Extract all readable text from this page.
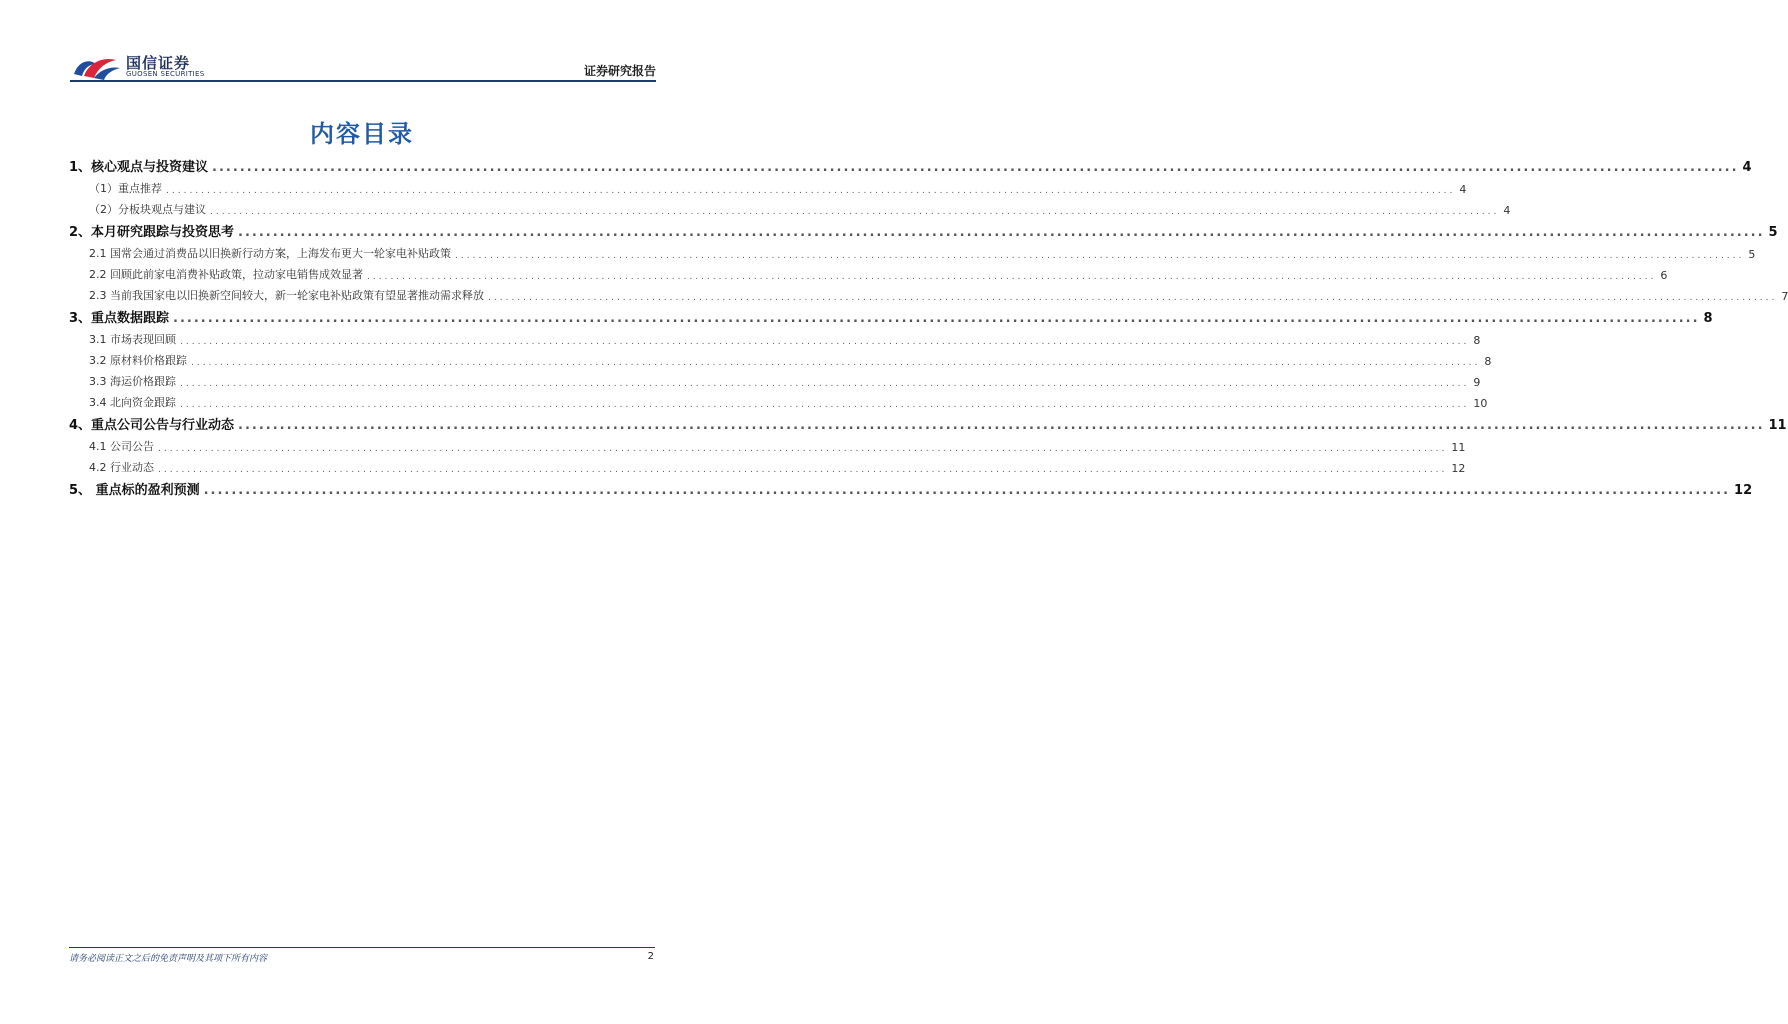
国信证券
GUOSEN SECURITIES	证券研究报告
内容目录
1、核心观点与投资建议 ............................................................................................................................................................................................................................ 4
（1）重点推荐 ............................................................................................................................................................................................................................ 4
（2）分板块观点与建议 ............................................................................................................................................................................................................................ 4
2、本月研究跟踪与投资思考 ............................................................................................................................................................................................................................ 5
2.1 国常会通过消费品以旧换新行动方案，上海发布更大一轮家电补贴政策 ............................................................................................................................................................................................................................ 5
2.2 回顾此前家电消费补贴政策，拉动家电销售成效显著 ............................................................................................................................................................................................................................ 6
2.3 当前我国家电以旧换新空间较大，新一轮家电补贴政策有望显著推动需求释放 ............................................................................................................................................................................................................................ 7
3、重点数据跟踪 ............................................................................................................................................................................................................................ 8
3.1 市场表现回顾 ............................................................................................................................................................................................................................ 8
3.2 原材料价格跟踪 ............................................................................................................................................................................................................................ 8
3.3 海运价格跟踪 ............................................................................................................................................................................................................................ 9
3.4 北向资金跟踪 ............................................................................................................................................................................................................................ 10
4、重点公司公告与行业动态 ............................................................................................................................................................................................................................ 11
4.1 公司公告 ............................................................................................................................................................................................................................ 11
4.2 行业动态 ............................................................................................................................................................................................................................ 12
5、 重点标的盈利预测 ............................................................................................................................................................................................................................ 12
请务必阅读正文之后的免责声明及其项下所有内容	2
